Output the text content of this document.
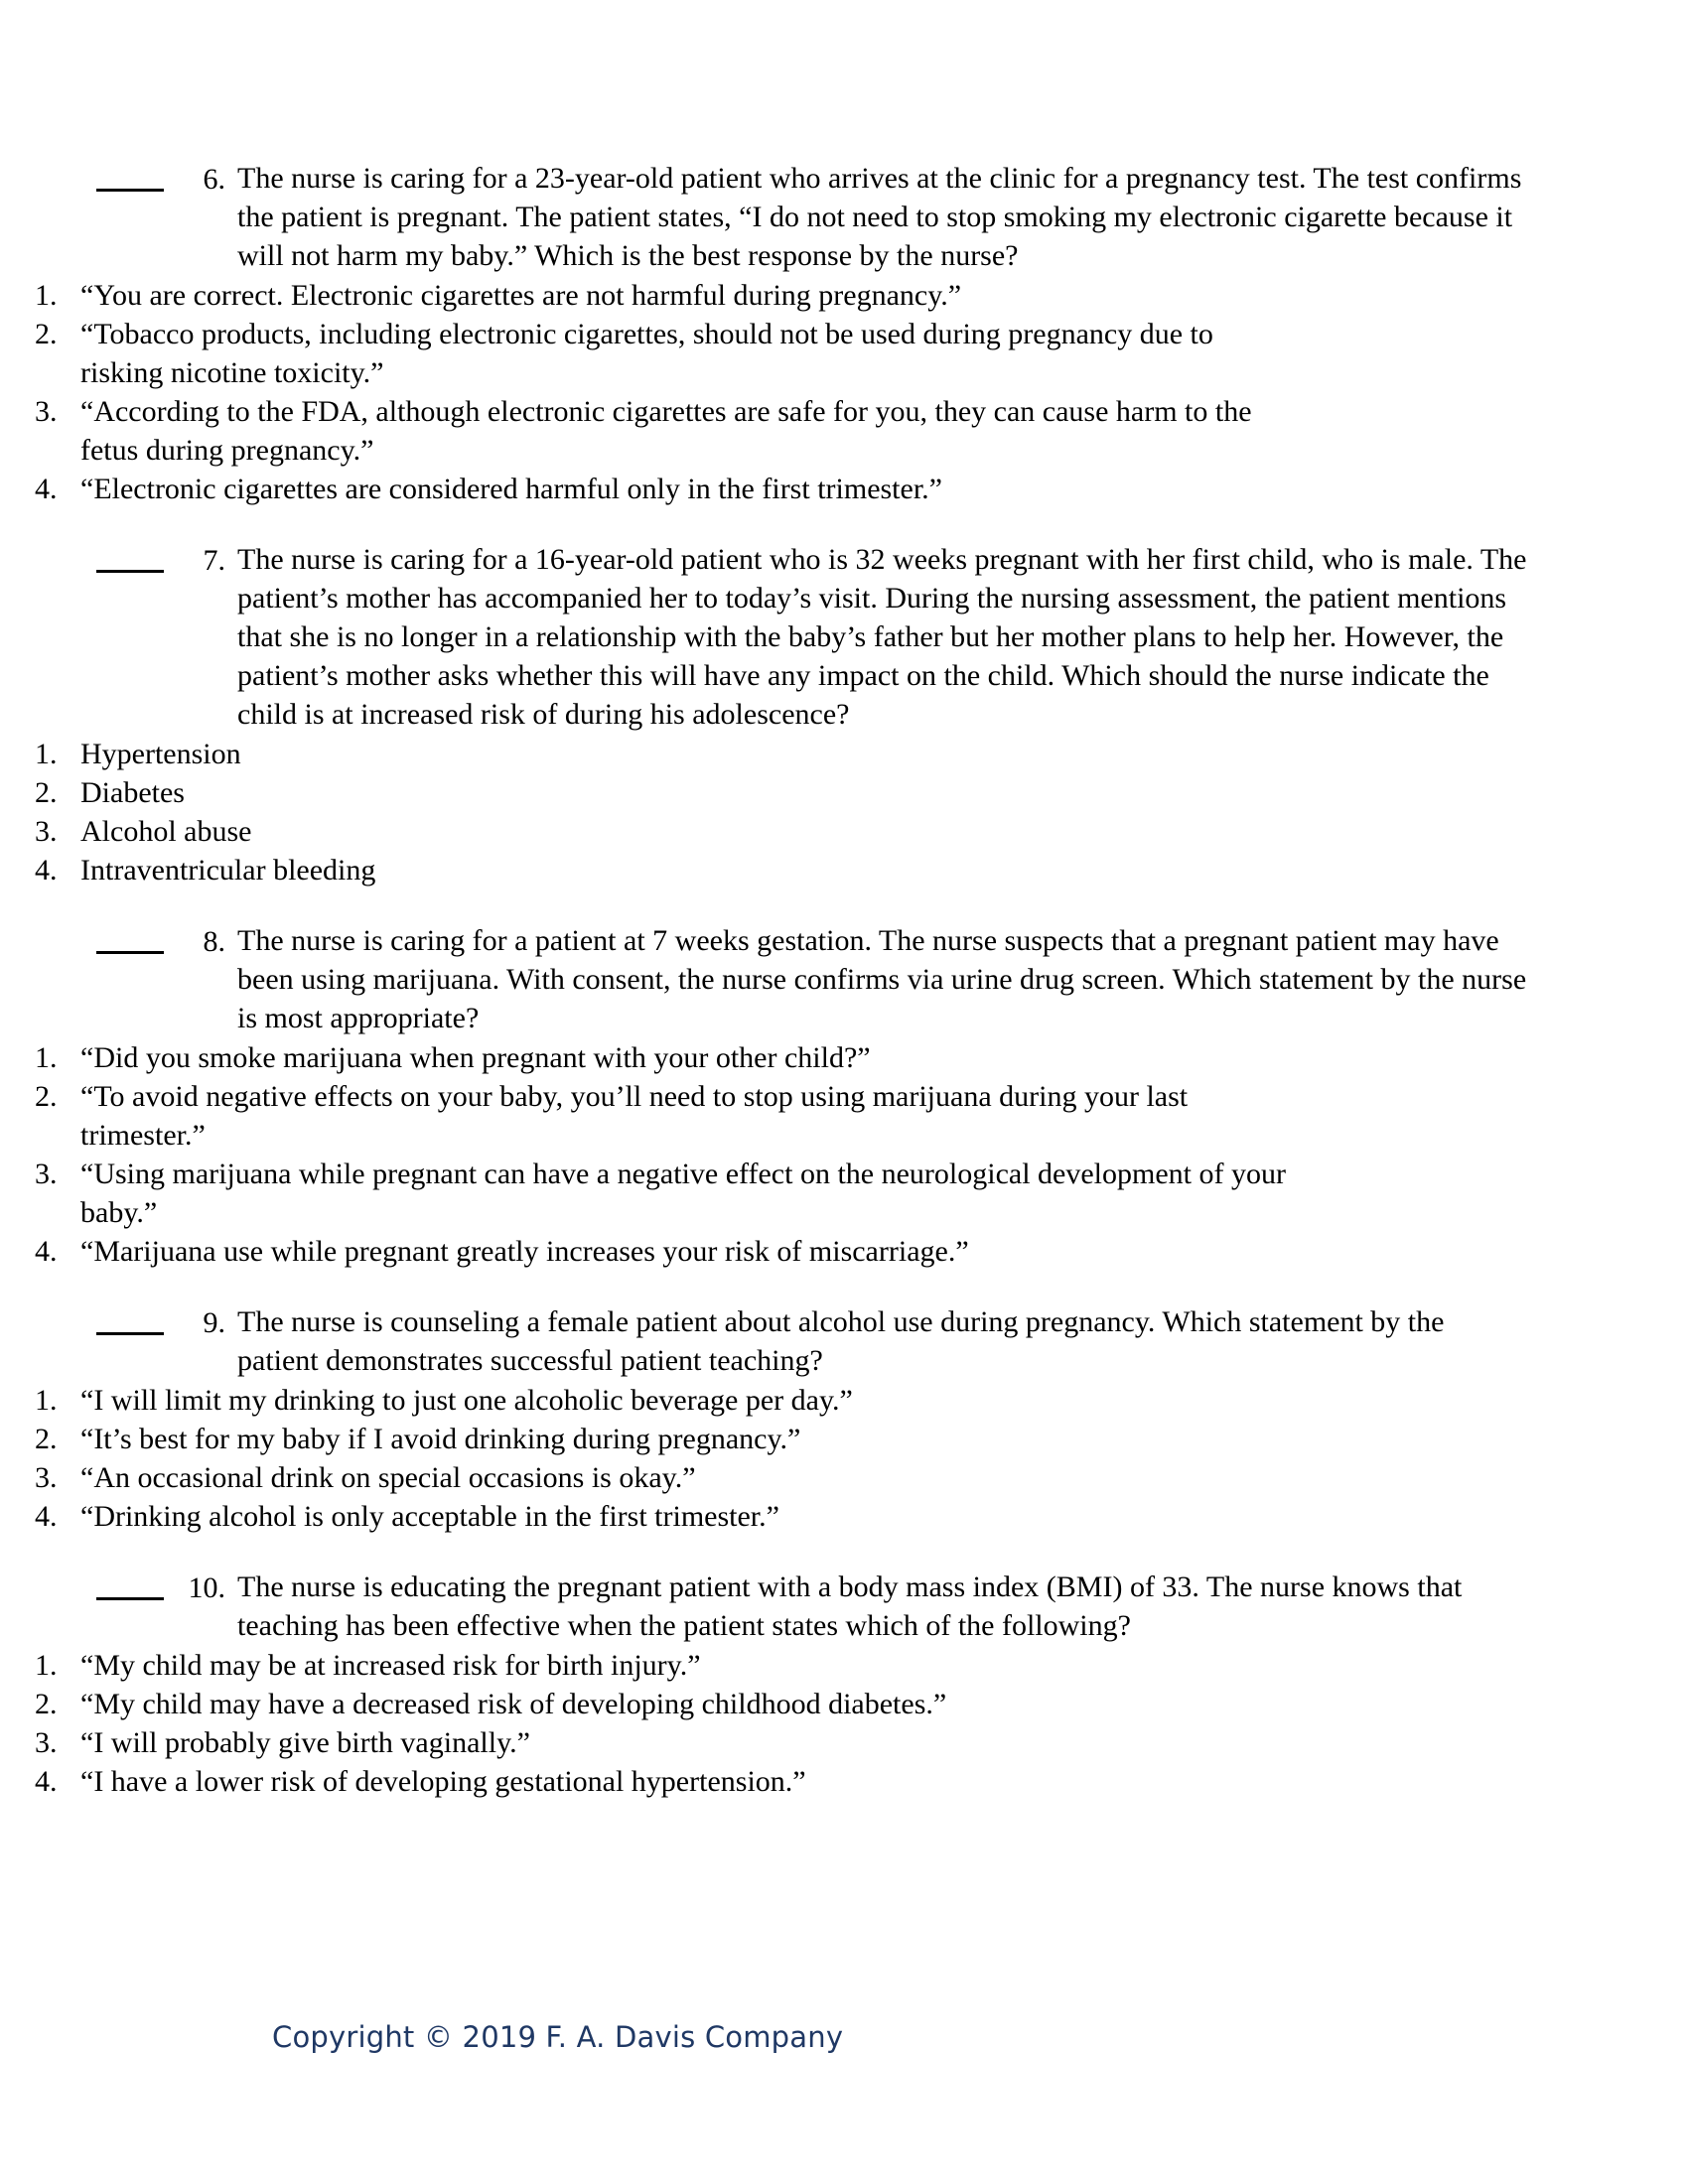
6. The nurse is caring for a 23-year-old patient who arrives at the clinic for a pregnancy test. The test confirms the patient is pregnant. The patient states, “I do not need to stop smoking my electronic cigarette because it will not harm my baby.” Which is the best response by the nurse?
1. “You are correct. Electronic cigarettes are not harmful during pregnancy.”
2. “Tobacco products, including electronic cigarettes, should not be used during pregnancy due to risking nicotine toxicity.”
3. “According to the FDA, although electronic cigarettes are safe for you, they can cause harm to the fetus during pregnancy.”
4. “Electronic cigarettes are considered harmful only in the first trimester.”
7. The nurse is caring for a 16-year-old patient who is 32 weeks pregnant with her first child, who is male. The patient’s mother has accompanied her to today’s visit. During the nursing assessment, the patient mentions that she is no longer in a relationship with the baby’s father but her mother plans to help her. However, the patient’s mother asks whether this will have any impact on the child. Which should the nurse indicate the child is at increased risk of during his adolescence?
1. Hypertension
2. Diabetes
3. Alcohol abuse
4. Intraventricular bleeding
8. The nurse is caring for a patient at 7 weeks gestation. The nurse suspects that a pregnant patient may have been using marijuana. With consent, the nurse confirms via urine drug screen. Which statement by the nurse is most appropriate?
1. “Did you smoke marijuana when pregnant with your other child?”
2. “To avoid negative effects on your baby, you’ll need to stop using marijuana during your last trimester.”
3. “Using marijuana while pregnant can have a negative effect on the neurological development of your baby.”
4. “Marijuana use while pregnant greatly increases your risk of miscarriage.”
9. The nurse is counseling a female patient about alcohol use during pregnancy. Which statement by the patient demonstrates successful patient teaching?
1. “I will limit my drinking to just one alcoholic beverage per day.”
2. “It’s best for my baby if I avoid drinking during pregnancy.”
3. “An occasional drink on special occasions is okay.”
4. “Drinking alcohol is only acceptable in the first trimester.”
10. The nurse is educating the pregnant patient with a body mass index (BMI) of 33. The nurse knows that teaching has been effective when the patient states which of the following?
1. “My child may be at increased risk for birth injury.”
2. “My child may have a decreased risk of developing childhood diabetes.”
3. “I will probably give birth vaginally.”
4. “I have a lower risk of developing gestational hypertension.”
Copyright © 2019 F. A. Davis Company
